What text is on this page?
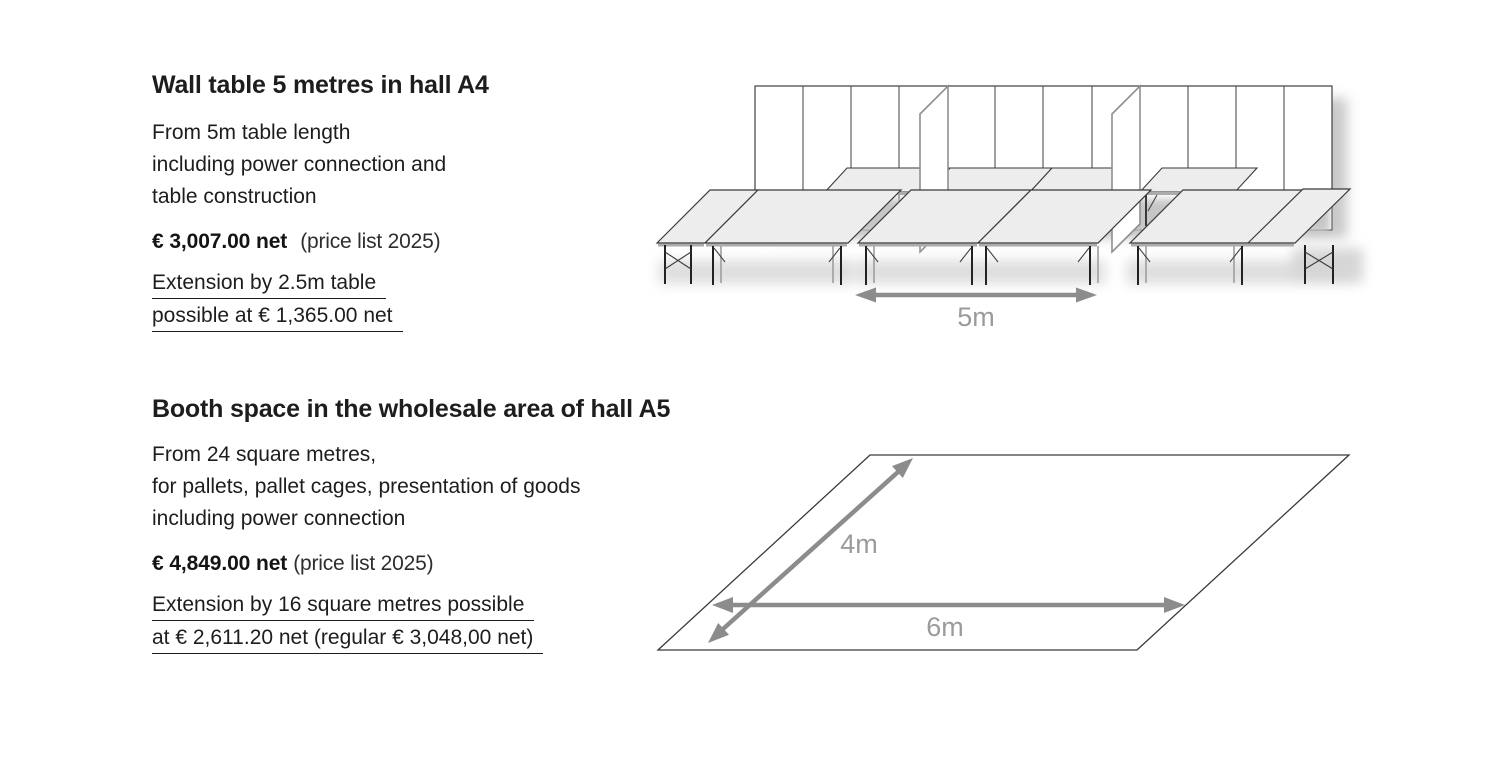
Wall table 5 metres in hall A4
From 5m table length
including power connection and
table construction
€ 3,007.00 net (price list 2025)
Extension by 2.5m table
possible at € 1,365.00 net	5m
Booth space in the wholesale area of hall A5
From 24 square metres,
for pallets, pallet cages, presentation of goods
including power connection
€ 4,849.00 net (price list 2025)
Extension by 16 square metres possible
at € 2,611.20 net (regular € 3,048,00 net)
4m
6m
